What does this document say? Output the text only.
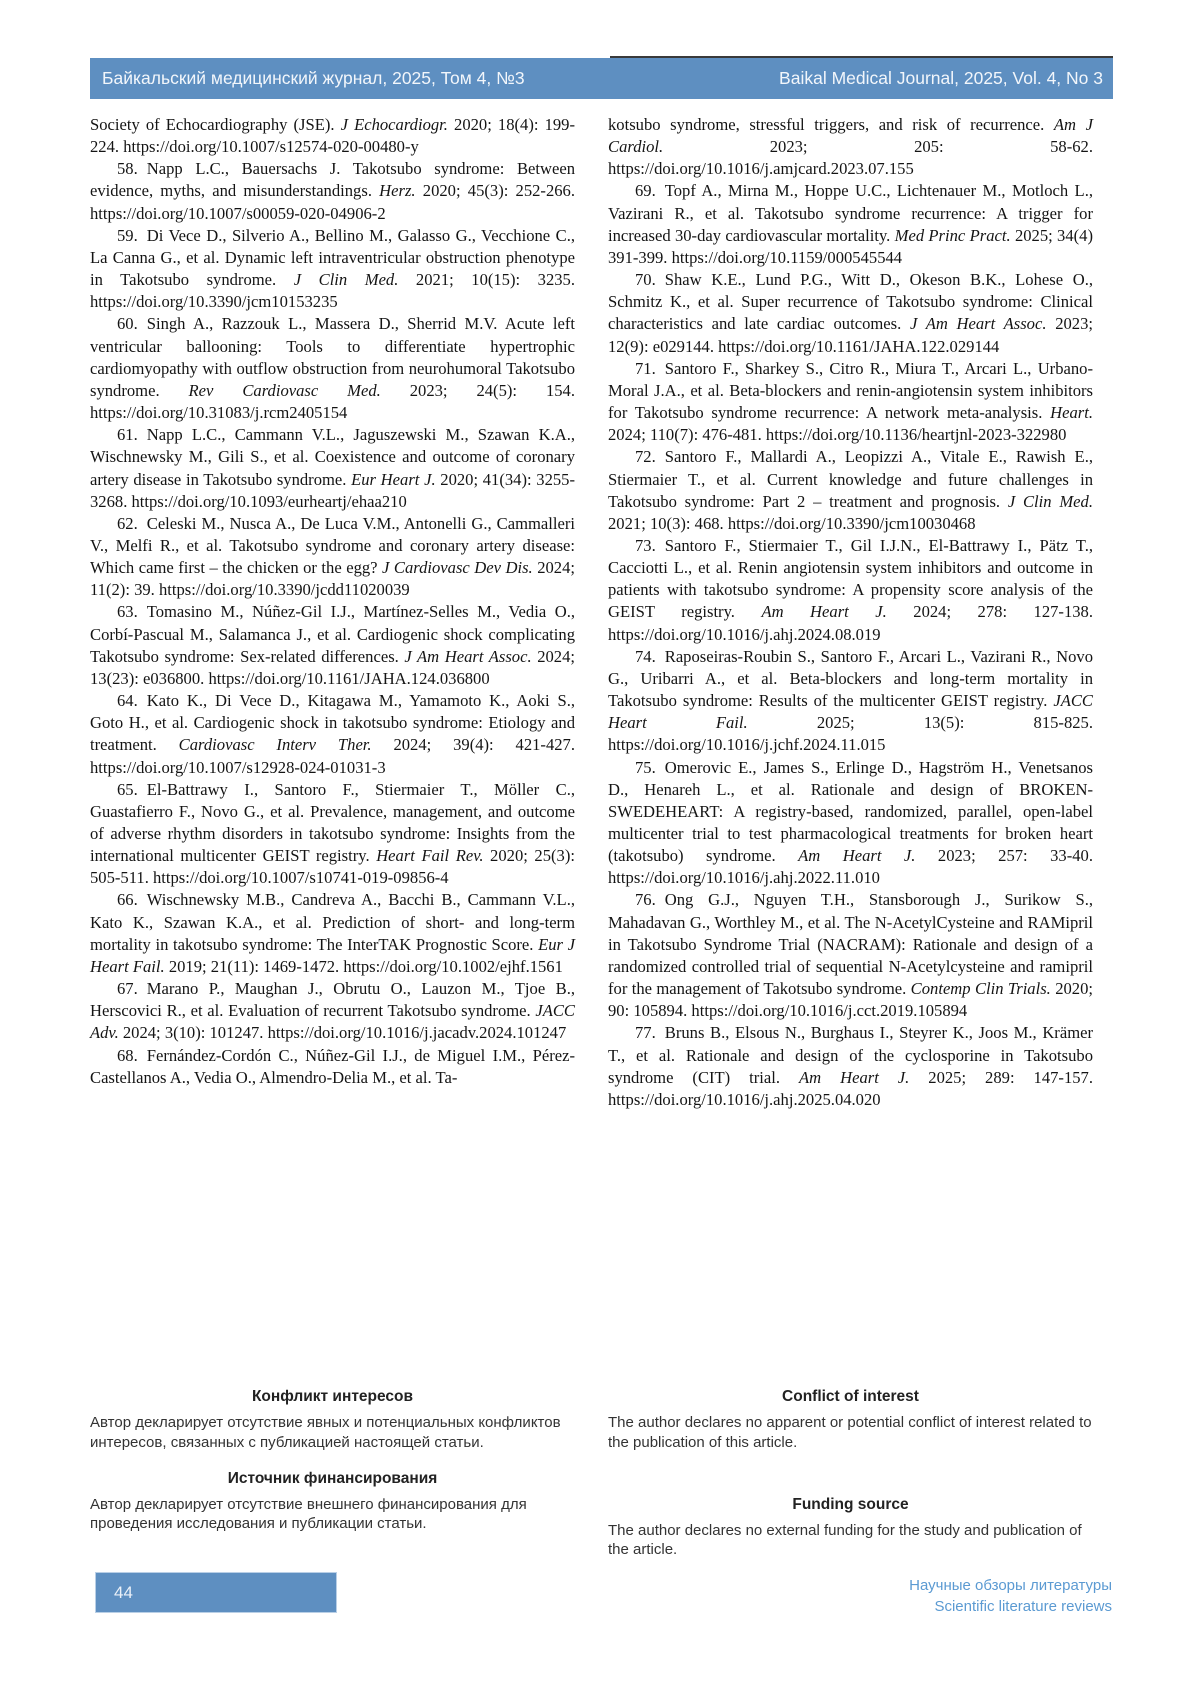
Байкальский медицинский журнал, 2025, Том 4, №3	Baikal Medical Journal, 2025, Vol. 4, No 3

Society of Echocardiography (JSE). J Echocardiogr. 2020; 18(4): 199-224. https://doi.org/10.1007/s12574-020-00480-y

58. Napp L.C., Bauersachs J. Takotsubo syndrome: Between evidence, myths, and misunderstandings. Herz. 2020; 45(3): 252-266. https://doi.org/10.1007/s00059-020-04906-2

59. Di Vece D., Silverio A., Bellino M., Galasso G., Vecchione C., La Canna G., et al. Dynamic left intraventricular obstruction phenotype in Takotsubo syndrome. J Clin Med. 2021; 10(15): 3235. https://doi.org/10.3390/jcm10153235

60. Singh A., Razzouk L., Massera D., Sherrid M.V. Acute left ventricular ballooning: Tools to differentiate hypertrophic cardiomyopathy with outflow obstruction from neurohumoral Takotsubo syndrome. Rev Cardiovasc Med. 2023; 24(5): 154. https://doi.org/10.31083/j.rcm2405154

61. Napp L.C., Cammann V.L., Jaguszewski M., Szawan K.A., Wischnewsky M., Gili S., et al. Coexistence and outcome of coronary artery disease in Takotsubo syndrome. Eur Heart J. 2020; 41(34): 3255-3268. https://doi.org/10.1093/eurheartj/ehaa210

62. Celeski M., Nusca A., De Luca V.M., Antonelli G., Cammalleri V., Melfi R., et al. Takotsubo syndrome and coronary artery disease: Which came first – the chicken or the egg? J Cardiovasc Dev Dis. 2024; 11(2): 39. https://doi.org/10.3390/jcdd11020039

63. Tomasino M., Núñez-Gil I.J., Martínez-Selles M., Vedia O., Corbí-Pascual M., Salamanca J., et al. Cardiogenic shock complicating Takotsubo syndrome: Sex-related differences. J Am Heart Assoc. 2024; 13(23): e036800. https://doi.org/10.1161/JAHA.124.036800

64. Kato K., Di Vece D., Kitagawa M., Yamamoto K., Aoki S., Goto H., et al. Cardiogenic shock in takotsubo syndrome: Etiology and treatment. Cardiovasc Interv Ther. 2024; 39(4): 421-427. https://doi.org/10.1007/s12928-024-01031-3

65. El-Battrawy I., Santoro F., Stiermaier T., Möller C., Guastafierro F., Novo G., et al. Prevalence, management, and outcome of adverse rhythm disorders in takotsubo syndrome: Insights from the international multicenter GEIST registry. Heart Fail Rev. 2020; 25(3): 505-511. https://doi.org/10.1007/s10741-019-09856-4

66. Wischnewsky M.B., Candreva A., Bacchi B., Cammann V.L., Kato K., Szawan K.A., et al. Prediction of short- and long-term mortality in takotsubo syndrome: The InterTAK Prognostic Score. Eur J Heart Fail. 2019; 21(11): 1469-1472. https://doi.org/10.1002/ejhf.1561

67. Marano P., Maughan J., Obrutu O., Lauzon M., Tjoe B., Herscovici R., et al. Evaluation of recurrent Takotsubo syndrome. JACC Adv. 2024; 3(10): 101247. https://doi.org/10.1016/j.jacadv.2024.101247

68. Fernández-Cordón C., Núñez-Gil I.J., de Miguel I.M., Pérez-Castellanos A., Vedia O., Almendro-Delia M., et al. Ta-

kotsubo syndrome, stressful triggers, and risk of recurrence. Am J Cardiol. 2023; 205: 58-62. https://doi.org/10.1016/j.amjcard.2023.07.155

69. Topf A., Mirna M., Hoppe U.C., Lichtenauer M., Motloch L., Vazirani R., et al. Takotsubo syndrome recurrence: A trigger for increased 30-day cardiovascular mortality. Med Princ Pract. 2025; 34(4) 391-399. https://doi.org/10.1159/000545544

70. Shaw K.E., Lund P.G., Witt D., Okeson B.K., Lohese O., Schmitz K., et al. Super recurrence of Takotsubo syndrome: Clinical characteristics and late cardiac outcomes. J Am Heart Assoc. 2023; 12(9): e029144. https://doi.org/10.1161/JAHA.122.029144

71. Santoro F., Sharkey S., Citro R., Miura T., Arcari L., Urbano-Moral J.A., et al. Beta-blockers and renin-angiotensin system inhibitors for Takotsubo syndrome recurrence: A network meta-analysis. Heart. 2024; 110(7): 476-481. https://doi.org/10.1136/heartjnl-2023-322980

72. Santoro F., Mallardi A., Leopizzi A., Vitale E., Rawish E., Stiermaier T., et al. Current knowledge and future challenges in Takotsubo syndrome: Part 2 – treatment and prognosis. J Clin Med. 2021; 10(3): 468. https://doi.org/10.3390/jcm10030468

73. Santoro F., Stiermaier T., Gil I.J.N., El-Battrawy I., Pätz T., Cacciotti L., et al. Renin angiotensin system inhibitors and outcome in patients with takotsubo syndrome: A propensity score analysis of the GEIST registry. Am Heart J. 2024; 278: 127-138. https://doi.org/10.1016/j.ahj.2024.08.019

74. Raposeiras-Roubin S., Santoro F., Arcari L., Vazirani R., Novo G., Uribarri A., et al. Beta-blockers and long-term mortality in Takotsubo syndrome: Results of the multicenter GEIST registry. JACC Heart Fail. 2025; 13(5): 815-825. https://doi.org/10.1016/j.jchf.2024.11.015

75. Omerovic E., James S., Erlinge D., Hagström H., Venetsanos D., Henareh L., et al. Rationale and design of BROKEN-SWEDEHEART: A registry-based, randomized, parallel, open-label multicenter trial to test pharmacological treatments for broken heart (takotsubo) syndrome. Am Heart J. 2023; 257: 33-40. https://doi.org/10.1016/j.ahj.2022.11.010

76. Ong G.J., Nguyen T.H., Stansborough J., Surikow S., Mahadavan G., Worthley M., et al. The N-AcetylCysteine and RAMipril in Takotsubo Syndrome Trial (NACRAM): Rationale and design of a randomized controlled trial of sequential N-Acetylcysteine and ramipril for the management of Takotsubo syndrome. Contemp Clin Trials. 2020; 90: 105894. https://doi.org/10.1016/j.cct.2019.105894

77. Bruns B., Elsous N., Burghaus I., Steyrer K., Joos M., Krämer T., et al. Rationale and design of the cyclosporine in Takotsubo syndrome (CIT) trial. Am Heart J. 2025; 289: 147-157. https://doi.org/10.1016/j.ahj.2025.04.020

Конфликт интересов

Автор декларирует отсутствие явных и потенциальных конфликтов интересов, связанных с публикацией настоящей статьи.

Источник финансирования

Автор декларирует отсутствие внешнего финансирования для проведения исследования и публикации статьи.

Conflict of interest

The author declares no apparent or potential conflict of interest related to the publication of this article.

Funding source

The author declares no external funding for the study and publication of the article.

44	Научные обзоры литературы
Scientific literature reviews
